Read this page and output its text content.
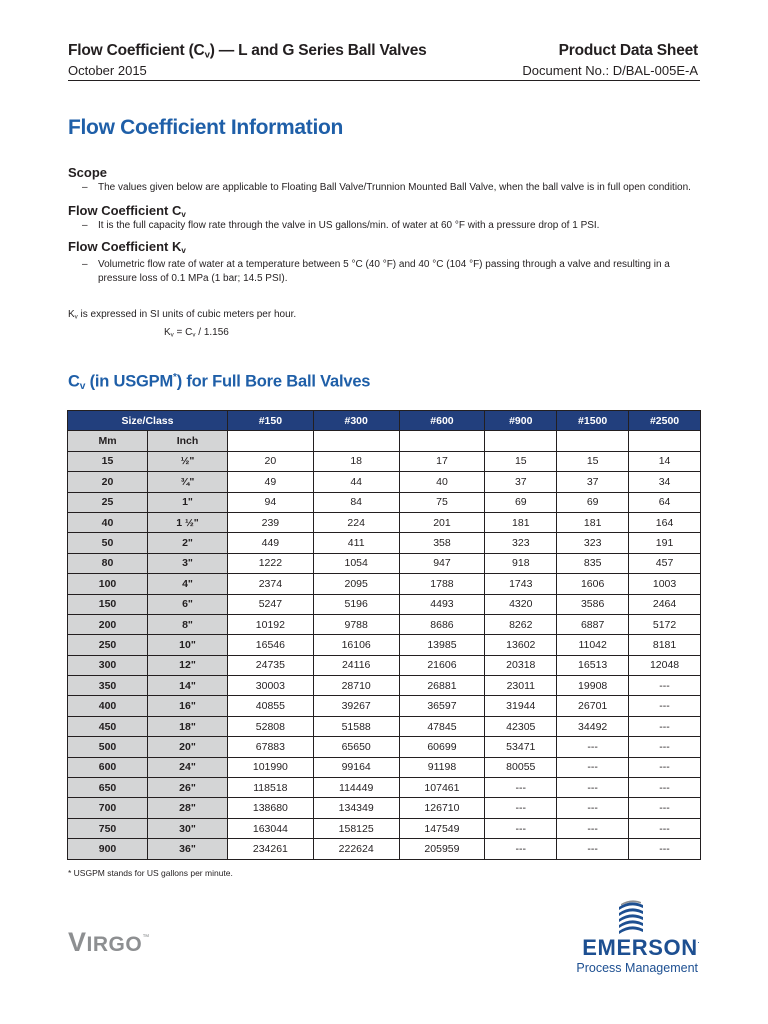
Flow Coefficient $(C_v)$ — L and G Series Ball Valves
October 2015
Product Data Sheet
Document No.: D/BAL-005E-A
Flow Coefficient Information
Scope
– The values given below are applicable to Floating Ball Valve/Trunnion Mounted Ball Valve, when the ball valve is in full open condition.
Flow Coefficient $C_v$
– It is the full capacity flow rate through the valve in US gallons/min. of water at 60 °F with a pressure drop of 1 PSI.
Flow Coefficient $K_v$
– Volumetric flow rate of water at a temperature between 5 °C (40 °F) and 40 °C (104 °F) passing through a valve and resulting in a pressure loss of 0.1 MPa (1 bar; 14.5 PSI).
$K_v$ is expressed in SI units of cubic meters per hour.
$K_v = C_v / 1.156$
$C_v$ (in USGPM*) for Full Bore Ball Valves
Size/Class		#150	#300	#600	#900	#1500	#2500
Mm	Inch						
15	½"	20	18	17	15	15	14
20	¾"	49	44	40	37	37	34
25	1"	94	84	75	69	69	64
40	1 ½"	239	224	201	181	181	164
50	2"	449	411	358	323	323	191
80	3"	1222	1054	947	918	835	457
100	4"	2374	2095	1788	1743	1606	1003
150	6"	5247	5196	4493	4320	3586	2464
200	8"	10192	9788	8686	8262	6887	5172
250	10"	16546	16106	13985	13602	11042	8181
300	12"	24735	24116	21606	20318	16513	12048
350	14"	30003	28710	26881	23011	19908	---
400	16"	40855	39267	36597	31944	26701	---
450	18"	52808	51588	47845	42305	34492	---
500	20"	67883	65650	60699	53471	---	---
600	24"	101990	99164	91198	80055	---	---
650	26"	118518	114449	107461	---	---	---
700	28"	138680	134349	126710	---	---	---
750	30"	163044	158125	147549	---	---	---
900	36"	234261	222624	205959	---	---	---
* USGPM stands for US gallons per minute.
VIRGO™	EMERSON.
Process Management
